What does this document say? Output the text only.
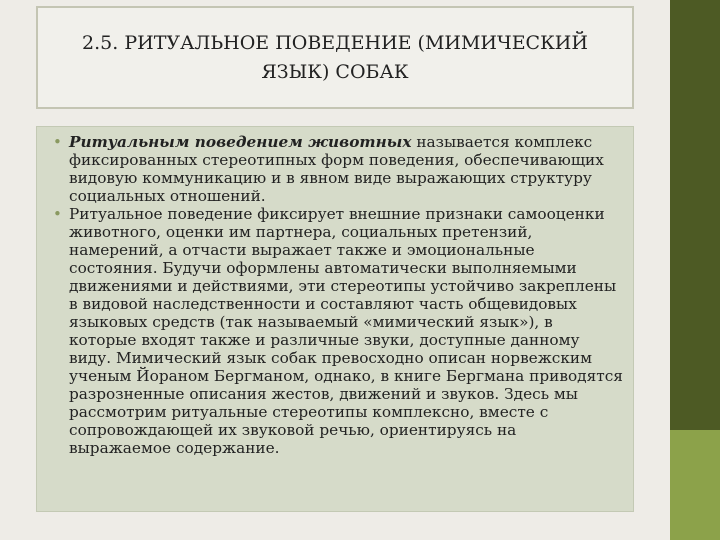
2.5. РИТУАЛЬНОЕ ПОВЕДЕНИЕ (МИМИЧЕСКИЙ ЯЗЫК) СОБАК

• Ритуальным поведением животных называется комплекс фиксированных стереотипных форм поведения, обеспечивающих видовую коммуникацию и в явном виде выражающих структуру социальных отношений.

• Ритуальное поведение фиксирует внешние признаки самооценки животного, оценки им партнера, социальных претензий, намерений, а отчасти выражает также и эмоциональные состояния. Будучи оформлены автоматически выполняемыми движениями и действиями, эти стереотипы устойчиво закреплены в видовой наследственности и составляют часть общевидовых языковых средств (так называемый «мимический язык»), в которые входят также и различные звуки, доступные данному виду. Мимический язык собак превосходно описан норвежским ученым Йораном Бергманом, однако, в книге Бергмана приводятся разрозненные описания жестов, движений и звуков. Здесь мы рассмотрим ритуальные стереотипы комплексно, вместе с сопровождающей их звуковой речью, ориентируясь на выражаемое содержание.
